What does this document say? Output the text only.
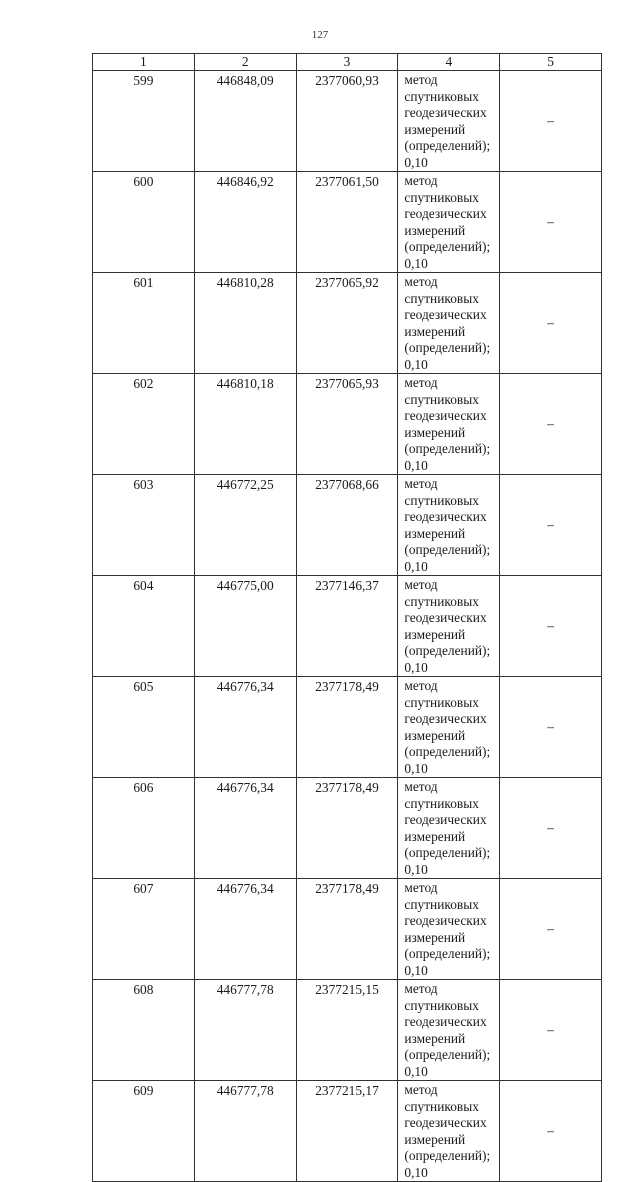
127
1	2	3	4	5
599	446848,09	2377060,93	метод спутниковых геодезических измерений (определений); 0,10	–
600	446846,92	2377061,50	метод спутниковых геодезических измерений (определений); 0,10	–
601	446810,28	2377065,92	метод спутниковых геодезических измерений (определений); 0,10	–
602	446810,18	2377065,93	метод спутниковых геодезических измерений (определений); 0,10	–
603	446772,25	2377068,66	метод спутниковых геодезических измерений (определений); 0,10	–
604	446775,00	2377146,37	метод спутниковых геодезических измерений (определений); 0,10	–
605	446776,34	2377178,49	метод спутниковых геодезических измерений (определений); 0,10	–
606	446776,34	2377178,49	метод спутниковых геодезических измерений (определений); 0,10	–
607	446776,34	2377178,49	метод спутниковых геодезических измерений (определений); 0,10	–
608	446777,78	2377215,15	метод спутниковых геодезических измерений (определений); 0,10	–
609	446777,78	2377215,17	метод спутниковых геодезических измерений (определений); 0,10	–
